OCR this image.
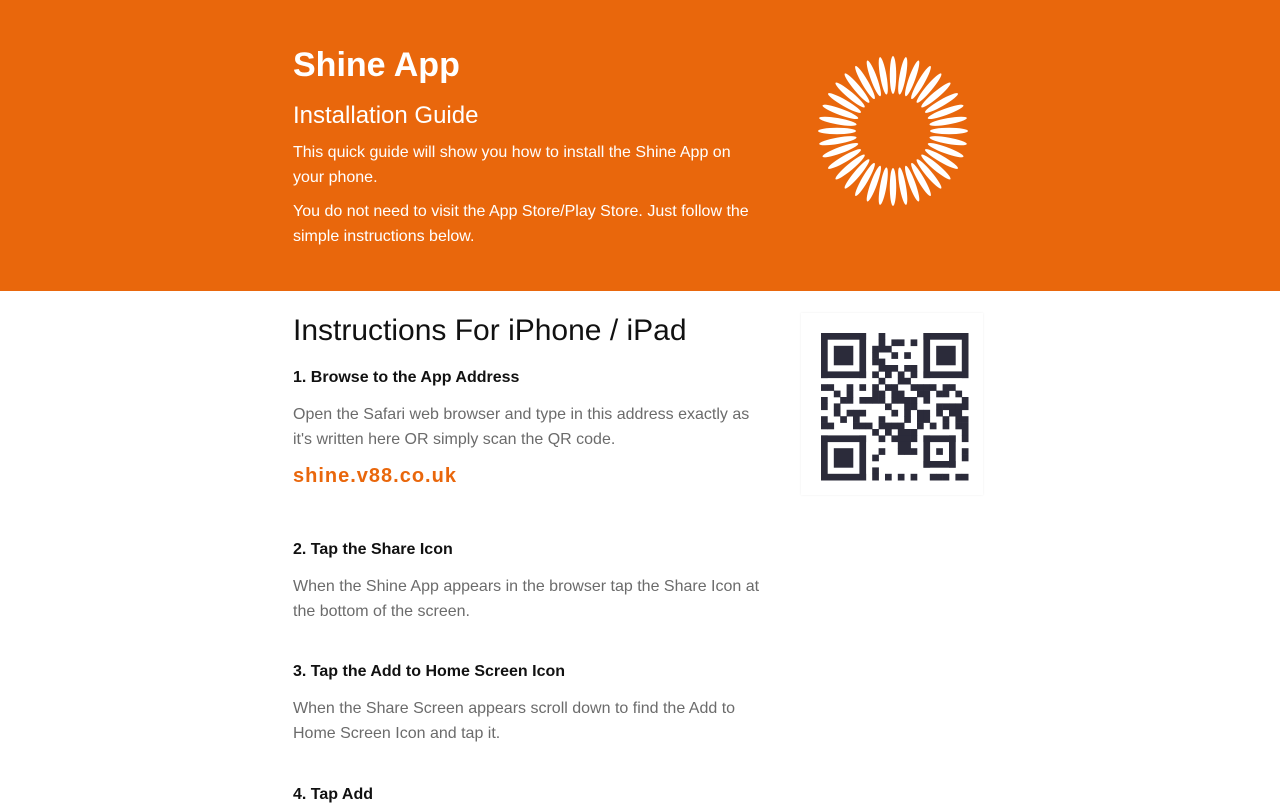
Shine App
Installation Guide

This quick guide will show you how to install the Shine App on your phone.

You do not need to visit the App Store/Play Store. Just follow the simple instructions below.

Instructions For iPhone / iPad
1. Browse to the App Address

Open the Safari web browser and type in this address exactly as it's written here OR simply scan the QR code.

shine.v88.co.uk
2. Tap the Share Icon

When the Shine App appears in the browser tap the Share Icon at the bottom of the screen.

3. Tap the Add to Home Screen Icon

When the Share Screen appears scroll down to find the Add to Home Screen Icon and tap it.

4. Tap Add
